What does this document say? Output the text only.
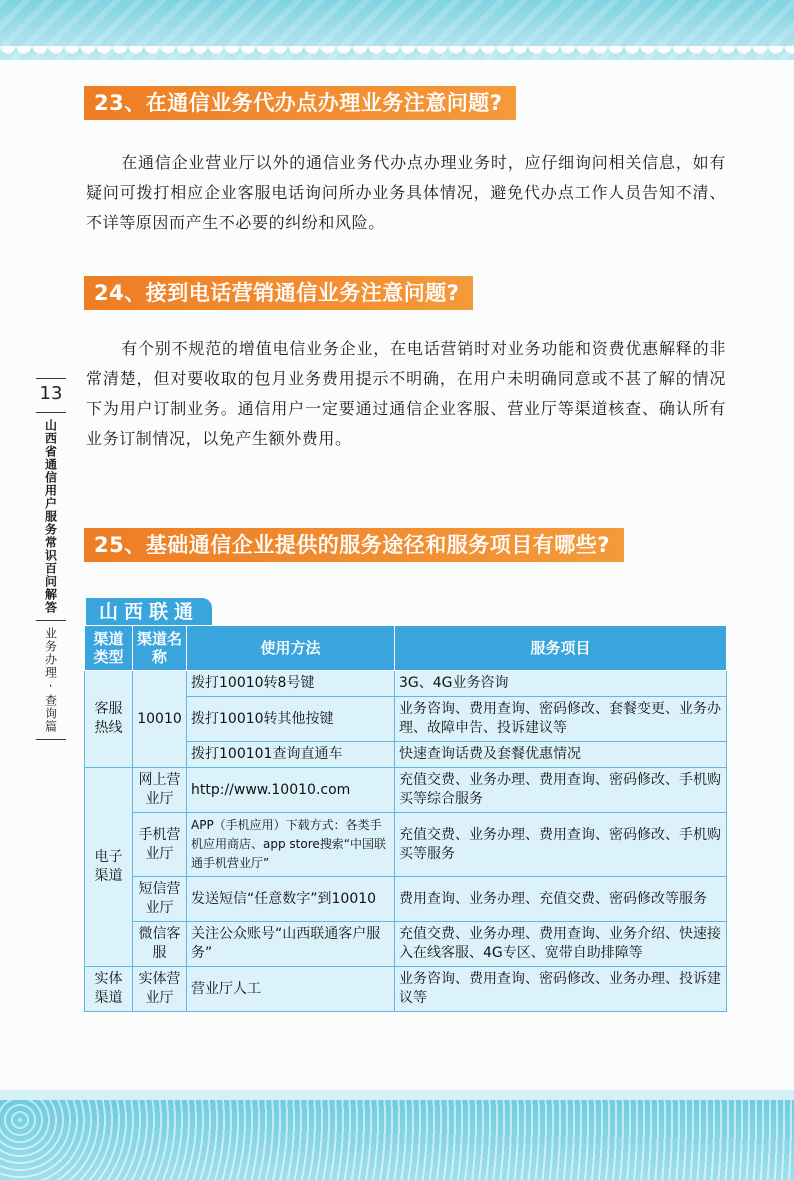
23、在通信业务代办点办理业务注意问题?

在通信企业营业厅以外的通信业务代办点办理业务时，应仔细询问相关信息，如有疑问可拨打相应企业客服电话询问所办业务具体情况，避免代办点工作人员告知不清、不详等原因而产生不必要的纠纷和风险。

24、接到电话营销通信业务注意问题?

有个别不规范的增值电信业务企业，在电话营销时对业务功能和资费优惠解释的非常清楚，但对要收取的包月业务费用提示不明确，在用户未明确同意或不甚了解的情况下为用户订制业务。通信用户一定要通过通信企业客服、营业厅等渠道核查、确认所有业务订制情况，以免产生额外费用。

25、基础通信企业提供的服务途径和服务项目有哪些?
13
山西省通信用户服务常识百问解答
业务办理·查询篇
山西联通
渠道类型	渠道名称	使用方法	服务项目
客服热线	10010	拨打10010转8号键	3G、4G业务咨询
		拨打10010转其他按键	业务咨询、费用查询、密码修改、套餐变更、业务办理、故障申告、投诉建议等
		拨打100101查询直通车	快速查询话费及套餐优惠情况
电子渠道	网上营业厅	http://www.10010.com	充值交费、业务办理、费用查询、密码修改、手机购买等综合服务
	手机营业厅	APP（手机应用）下载方式：各类手机应用商店、app store搜索“中国联通手机营业厅”	充值交费、业务办理、费用查询、密码修改、手机购买等服务
	短信营业厅	发送短信“任意数字”到10010	费用查询、业务办理、充值交费、密码修改等服务
	微信客服	关注公众账号“山西联通客户服务”	充值交费、业务办理、费用查询、业务介绍、快速接入在线客服、4G专区、宽带自助排障等
实体渠道	实体营业厅	营业厅人工	业务咨询、费用查询、密码修改、业务办理、投诉建议等
